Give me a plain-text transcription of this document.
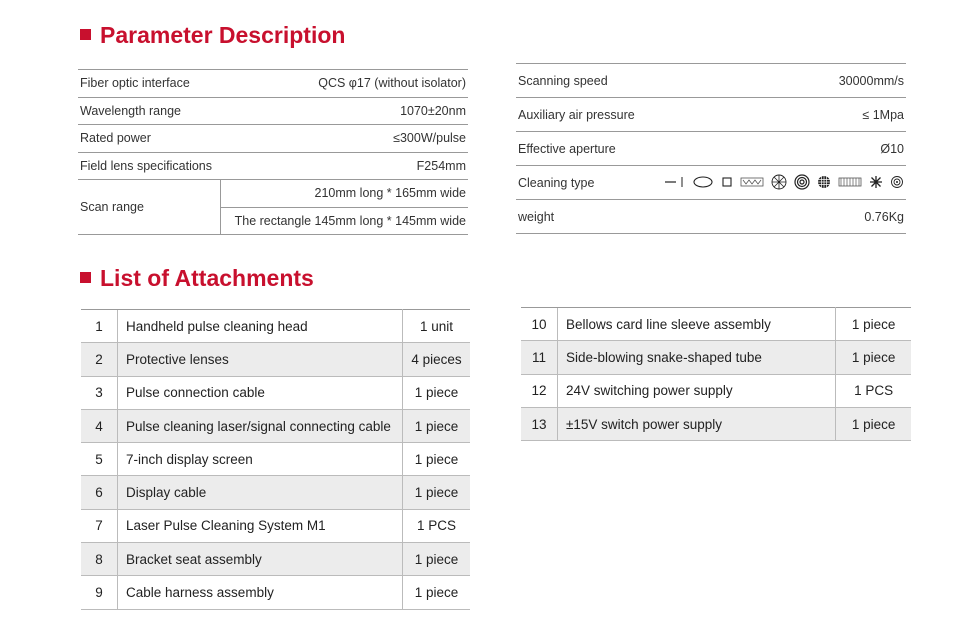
Parameter Description
Fiber optic interface	QCS φ17 (without isolator)
Wavelength range	1070±20nm
Rated power	≤300W/pulse
Field lens specifications	F254mm
Scan range	210mm long * 165mm wide
	The rectangle 145mm long * 145mm wide
Scanning speed	30000mm/s
Auxiliary air pressure	≤ 1Mpa
Effective aperture	Ø10
Cleaning type	

weight	0.76Kg
List of Attachments
1	Handheld pulse cleaning head	1 unit
2	Protective lenses	4 pieces
3	Pulse connection cable	1 piece
4	Pulse cleaning laser/signal connecting cable	1 piece
5	7-inch display screen	1 piece
6	Display cable	1 piece
7	Laser Pulse Cleaning System M1	1 PCS
8	Bracket seat assembly	1 piece
9	Cable harness assembly	1 piece
10	Bellows card line sleeve assembly	1 piece
11	Side-blowing snake-shaped tube	1 piece
12	24V switching power supply	1 PCS
13	±15V switch power supply	1 piece
